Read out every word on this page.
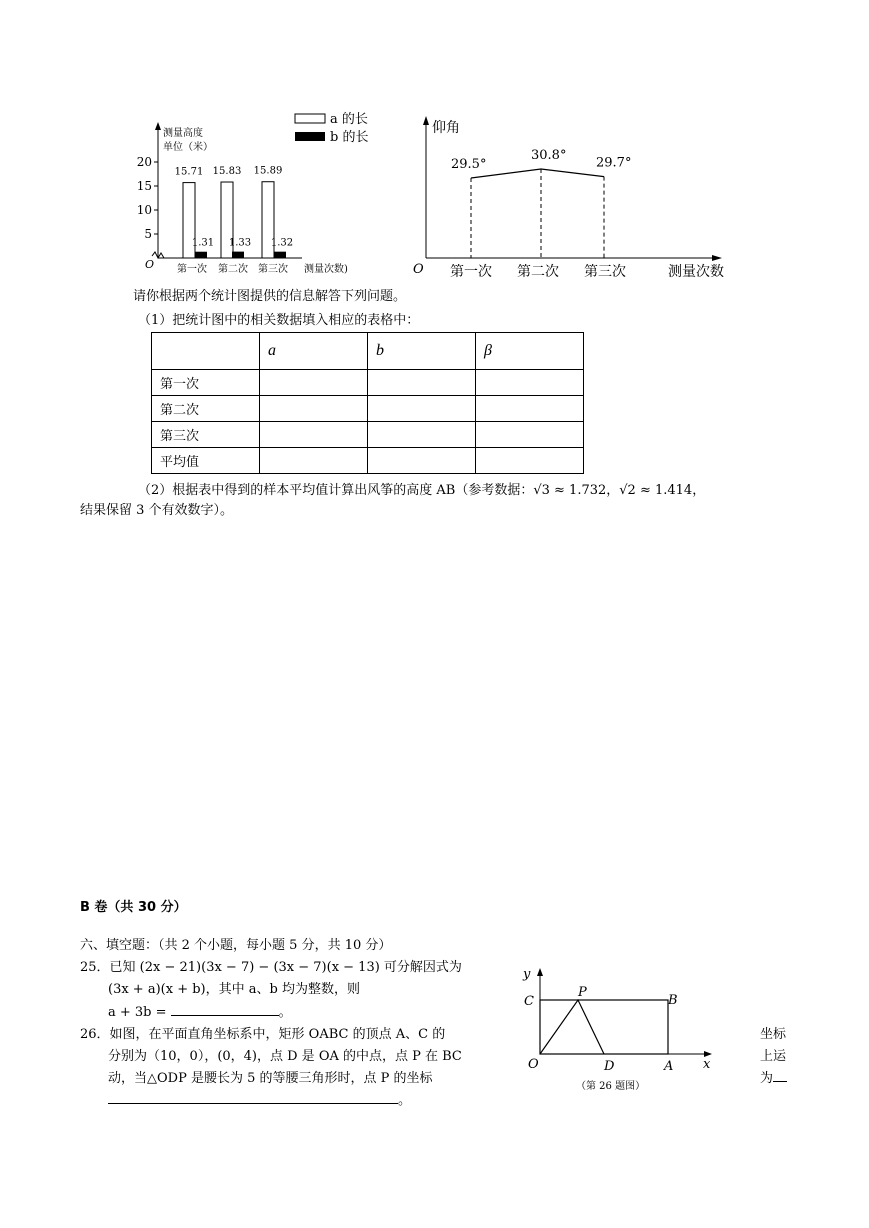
a 的长
b 的长
测量高度
单位（米）
20
15
10
5
O
15.71 15.83 15.89
1.31 1.33 1.32
第一次 第二次 第三次 测量次数)
仰角
O
29.5°
30.8°
29.7°
第一次 第二次 第三次	测量次数
请你根据两个统计图提供的信息解答下列问题。
（1）把统计图中的相关数据填入相应的表格中：
	a	b	β
第一次			
第二次			
第三次			
平均值			
（2）根据表中得到的样本平均值计算出风筝的高度 AB（参考数据：√3 ≈ 1.732，√2 ≈ 1.414，
结果保留 3 个有效数字）。
B 卷（共 30 分）
六、填空题：（共 2 个小题，每小题 5 分，共 10 分）
25．已知 (2x − 21)(3x − 7) − (3x − 7)(x − 13) 可分解因式为
(3x + a)(x + b)，其中 a、b 均为整数，则
a + 3b =	。
26．如图，在平面直角坐标系中，矩形 OABC 的顶点 A、C 的
分别为（10，0），(0，4)，点 D 是 OA 的中点，点 P 在 BC
动，当△ODP 是腰长为 5 的等腰三角形时，点 P 的坐标
。
坐标
上运
为
y
C
P
B
O	D	A x
（第 26 题图）
